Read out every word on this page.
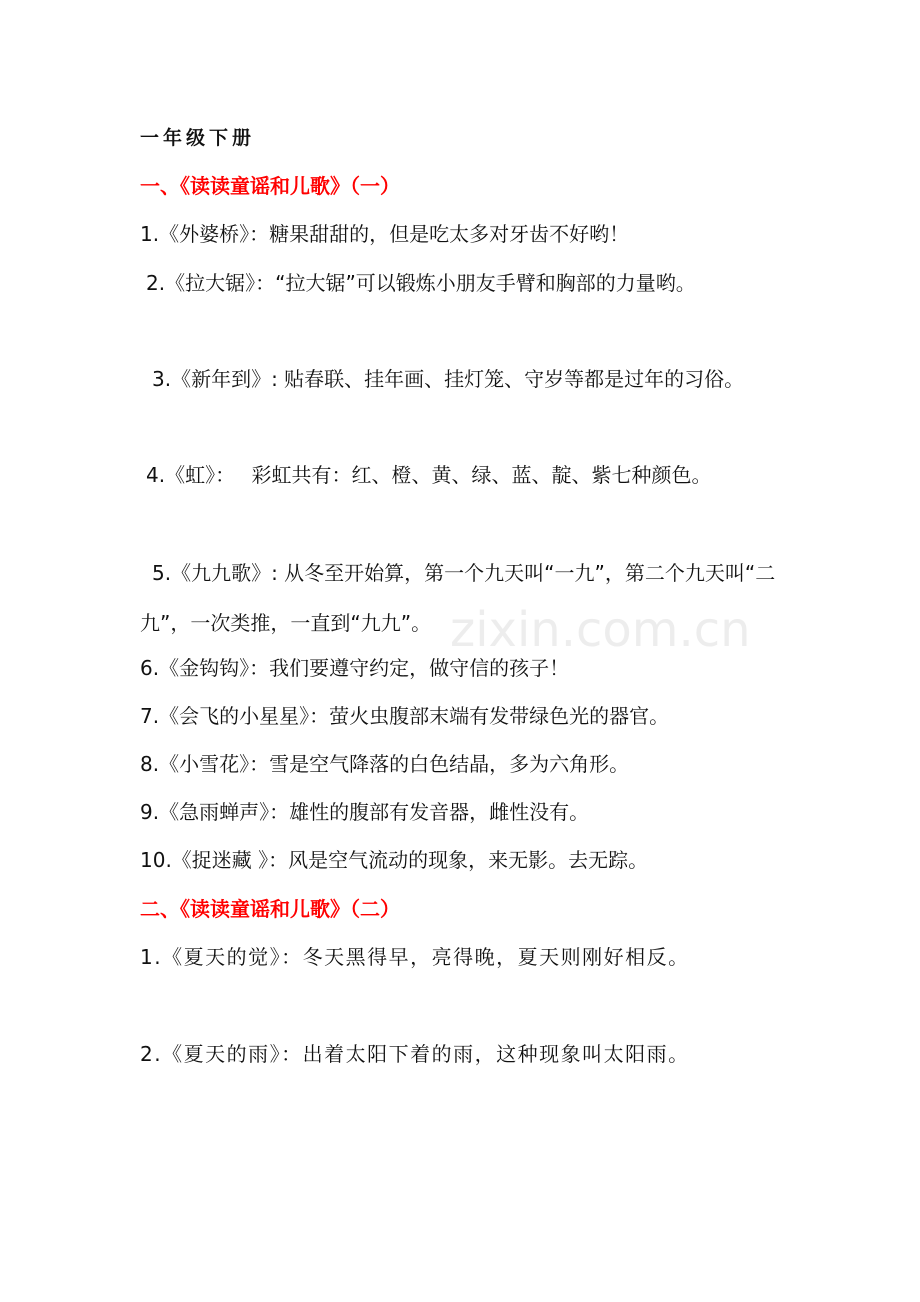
一年级下册
一、《读读童谣和儿歌》（一）
1.《外婆桥》：糖果甜甜的，但是吃太多对牙齿不好哟！
2.《拉大锯》：“拉大锯”可以锻炼小朋友手臂和胸部的力量哟。
3.《新年到》: 贴春联、挂年画、挂灯笼、守岁等都是过年的习俗。
4.《虹》：　 彩虹共有：红、橙、黄、绿、蓝、靛、紫七种颜色。
5.《九九歌》: 从冬至开始算，第一个九天叫“一九”，第二个九天叫“二九”，一次类推，一直到“九九”。
6.《金钩钩》：我们要遵守约定，做守信的孩子！
7.《会飞的小星星》：萤火虫腹部末端有发带绿色光的器官。
8.《小雪花》：雪是空气降落的白色结晶，多为六角形。
9.《急雨蝉声》：雄性的腹部有发音器，雌性没有。
10.《捉迷藏 》：风是空气流动的现象，来无影。去无踪。
二、《读读童谣和儿歌》（二）
1.《夏天的觉》：冬天黑得早，亮得晚，夏天则刚好相反。
2.《夏天的雨》：出着太阳下着的雨，这种现象叫太阳雨。
zixin.com.cn
